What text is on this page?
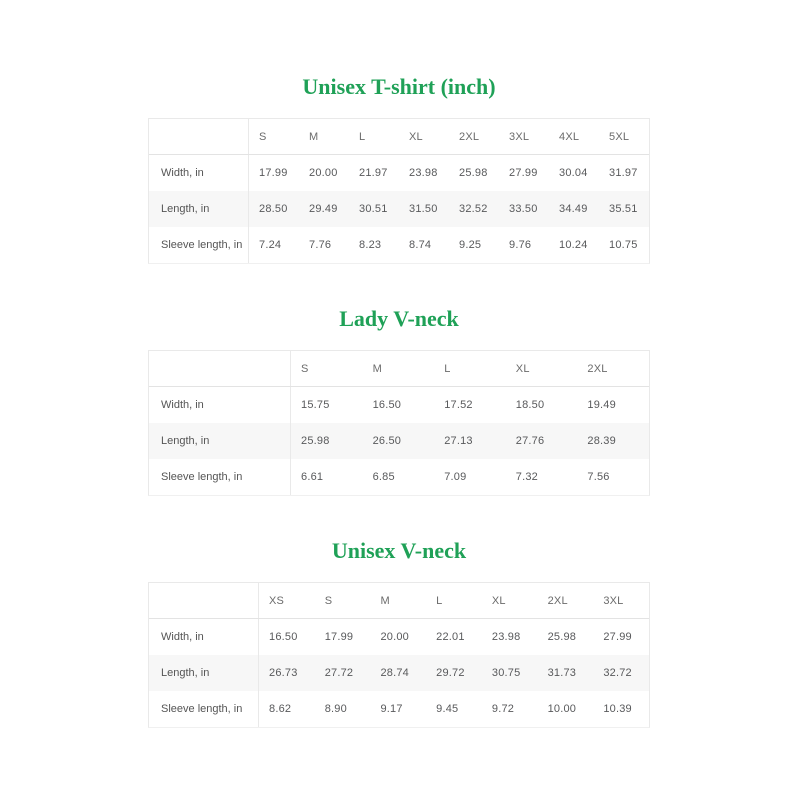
Unisex T-shirt (inch)
S	M	L	XL	2XL	3XL	4XL	5XL
Width, in	17.99	20.00	21.97	23.98	25.98	27.99	30.04	31.97
Length, in	28.50	29.49	30.51	31.50	32.52	33.50	34.49	35.51
Sleeve length, in	7.24	7.76	8.23	8.74	9.25	9.76	10.24	10.75
Lady V-neck
S	M	L	XL	2XL
Width, in	15.75	16.50	17.52	18.50	19.49
Length, in	25.98	26.50	27.13	27.76	28.39
Sleeve length, in	6.61	6.85	7.09	7.32	7.56
Unisex V-neck
XS	S	M	L	XL	2XL	3XL
Width, in	16.50	17.99	20.00	22.01	23.98	25.98	27.99
Length, in	26.73	27.72	28.74	29.72	30.75	31.73	32.72
Sleeve length, in	8.62	8.90	9.17	9.45	9.72	10.00	10.39
